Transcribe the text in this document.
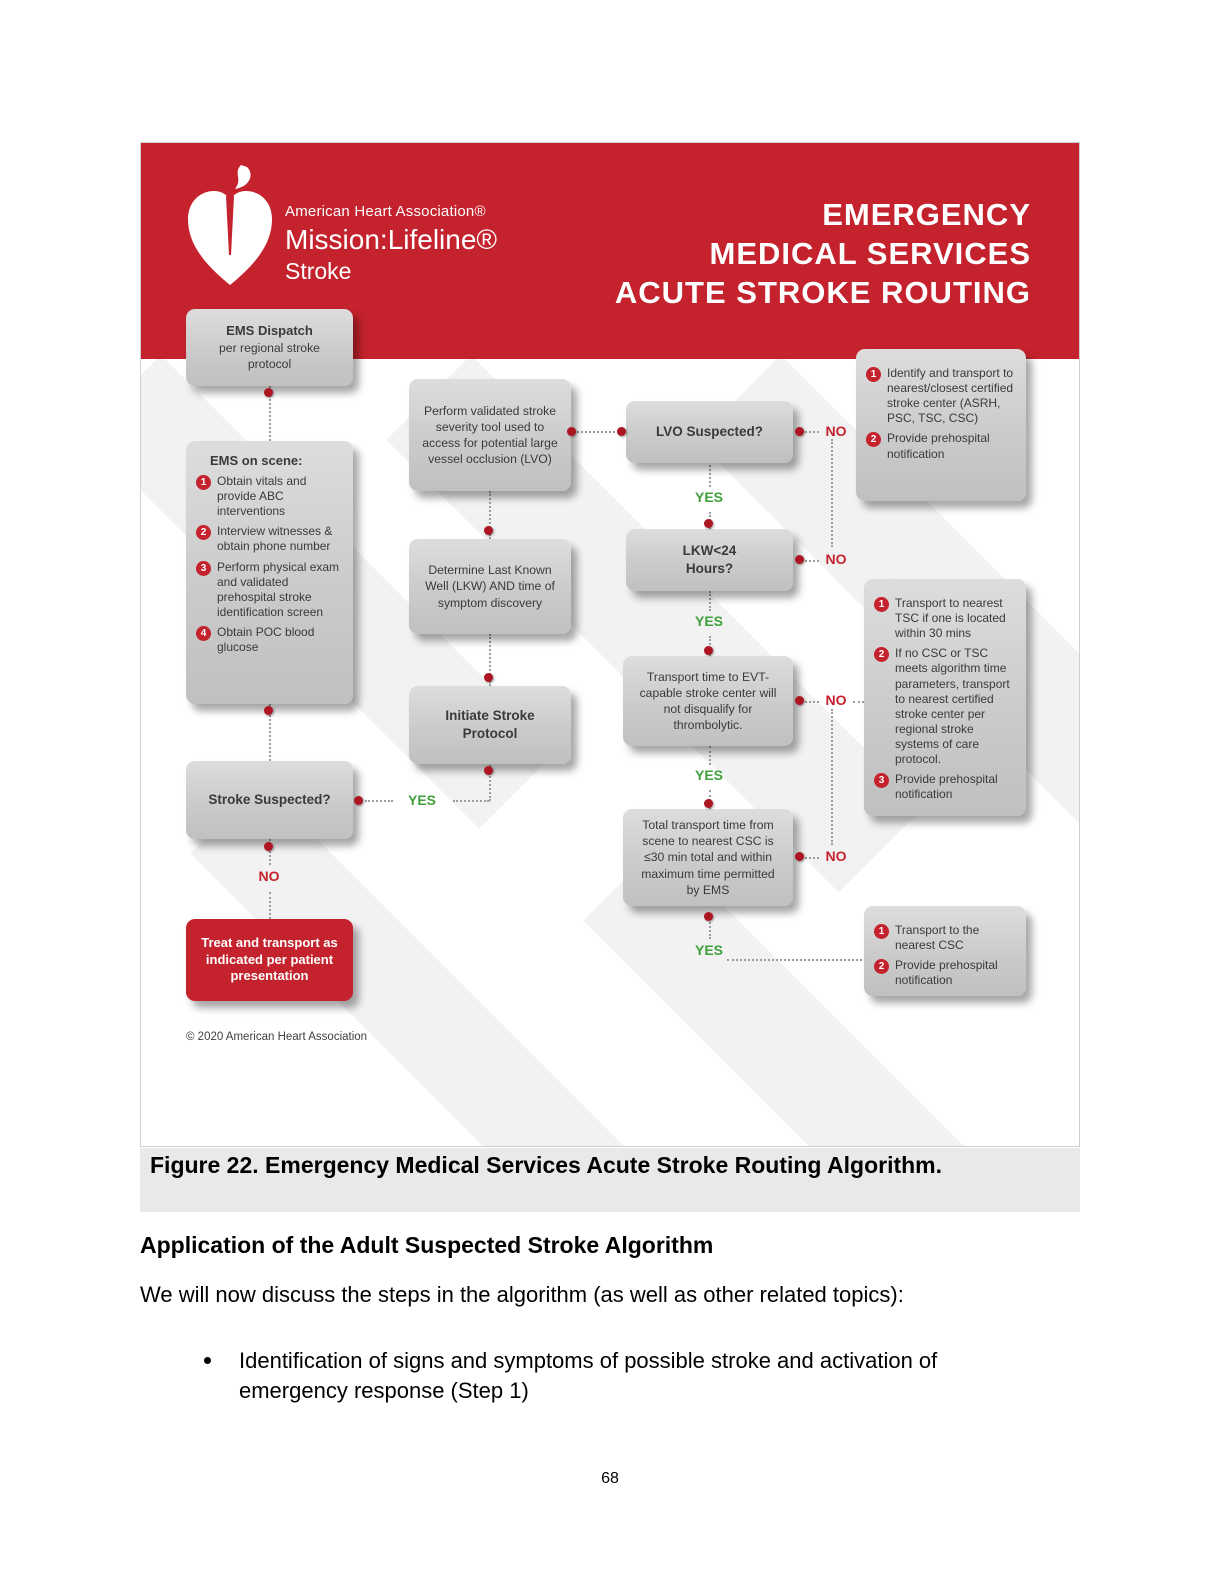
American Heart Association®
Mission:Lifeline®
Stroke
EMERGENCY
MEDICAL SERVICES
ACUTE STROKE ROUTING
EMS Dispatch
per regional stroke protocol
EMS on scene:
1 Obtain vitals and provide ABC interventions
2 Interview witnesses & obtain phone number
3 Perform physical exam and validated prehospital stroke identification screen
4 Obtain POC blood glucose
Stroke Suspected?
Treat and transport as indicated per patient presentation
Perform validated stroke severity tool used to access for potential large vessel occlusion (LVO)
Determine Last Known Well (LKW) AND time of symptom discovery
Initiate Stroke Protocol
LVO Suspected?
LKW<24 Hours?
Transport time to EVT-capable stroke center will not disqualify for thrombolytic.
Total transport time from scene to nearest CSC is ≤30 min total and within maximum time permitted by EMS
1 Identify and transport to nearest/closest certified stroke center (ASRH, PSC, TSC, CSC)
2 Provide prehospital notification
1 Transport to nearest TSC if one is located within 30 mins
2 If no CSC or TSC meets algorithm time parameters, transport to nearest certified stroke center per regional stroke systems of care protocol.
3 Provide prehospital notification
1 Transport to the nearest CSC
2 Provide prehospital notification
NO
YES
NO
YES
NO
YES
NO
YES
NO
YES
© 2020 American Heart Association
Figure 22. Emergency Medical Services Acute Stroke Routing Algorithm.
Application of the Adult Suspected Stroke Algorithm
We will now discuss the steps in the algorithm (as well as other related topics):
Identification of signs and symptoms of possible stroke and activation of emergency response (Step 1)
68
